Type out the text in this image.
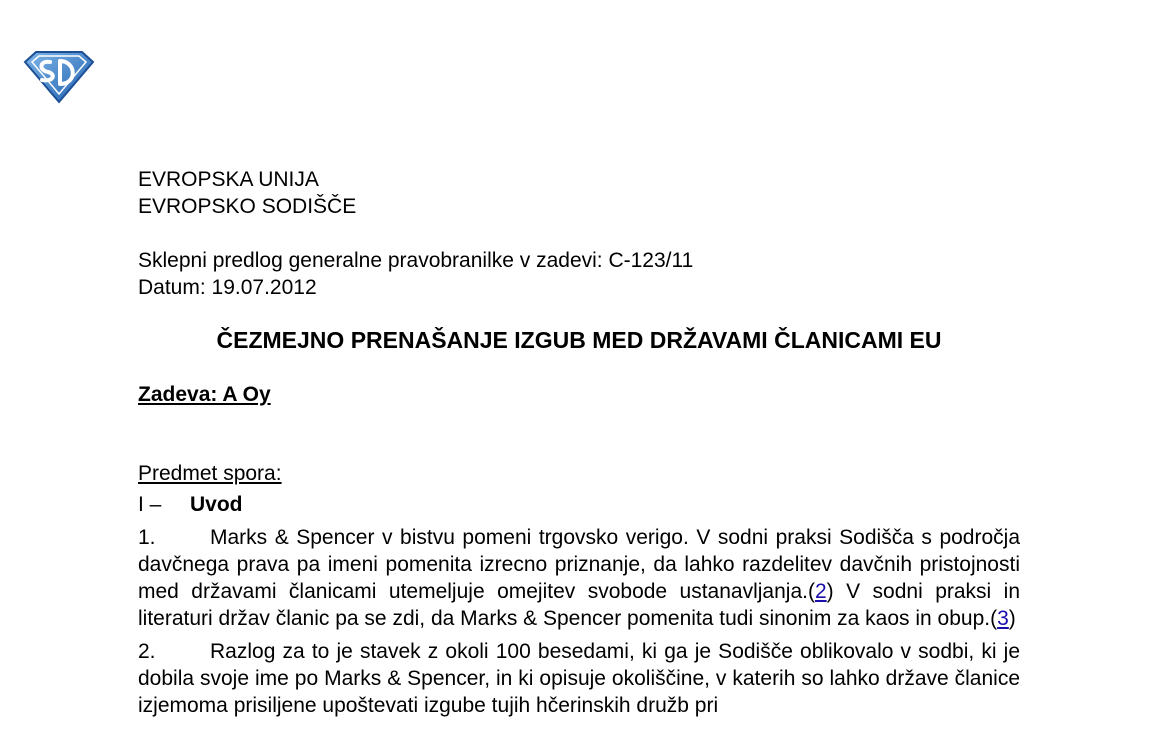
EVROPSKA UNIJA
EVROPSKO SODIŠČE
Sklepni predlog generalne pravobranilke v zadevi: C-123/11
Datum: 19.07.2012
ČEZMEJNO PRENAŠANJE IZGUB MED DRŽAVAMI ČLANICAMI EU
Zadeva: A Oy
Predmet spora:
I – Uvod
1.	Marks & Spencer v bistvu pomeni trgovsko verigo. V sodni praksi Sodišča s področja davčnega prava pa imeni pomenita izrecno priznanje, da lahko razdelitev davčnih pristojnosti med državami članicami utemeljuje omejitev svobode ustanavljanja.(2) V sodni praksi in literaturi držav članic pa se zdi, da Marks & Spencer pomenita tudi sinonim za kaos in obup.(3)
2.	Razlog za to je stavek z okoli 100 besedami, ki ga je Sodišče oblikovalo v sodbi, ki je dobila svoje ime po Marks & Spencer, in ki opisuje okoliščine, v katerih so lahko države članice izjemoma prisiljene upoštevati izgube tujih hčerinskih družb pri
